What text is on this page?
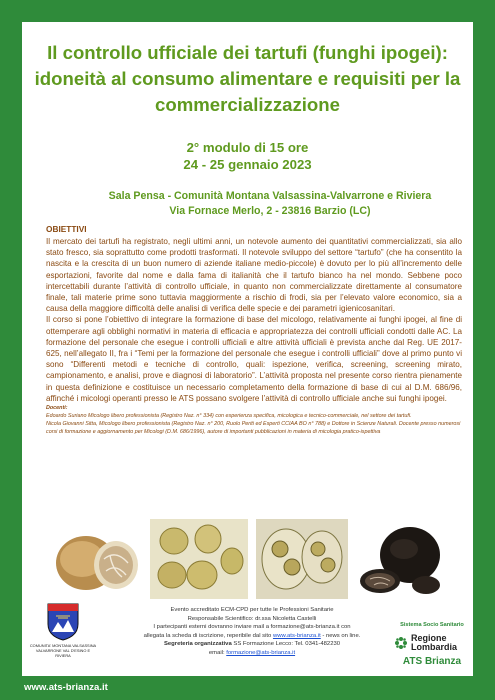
Il controllo ufficiale dei tartufi (funghi ipogei): idoneità al consumo alimentare e requisiti per la commercializzazione
2° modulo di 15 ore
24 - 25 gennaio 2023
Sala Pensa - Comunità Montana Valsassina-Valvarrone e Riviera
Via Fornace Merlo, 2 - 23816 Barzio (LC)
OBIETTIVI

Il mercato dei tartufi ha registrato, negli ultimi anni, un notevole aumento dei quantitativi commercializzati, sia allo stato fresco, sia soprattutto come prodotti trasformati. Il notevole sviluppo del settore “tartufo” (che ha consentito la nascita e la crescita di un buon numero di aziende italiane medio-piccole) è dovuto per lo più all’incremento delle esportazioni, favorite dal nome e dalla fama di italianità che il tartufo bianco ha nel mondo. Sebbene poco intercettabili durante l’attività di controllo ufficiale, in quanto non commercializzate direttamente al consumatore finale, tali materie prime sono tuttavia maggiormente a rischio di frodi, sia per l’elevato valore economico, sia a causa della maggiore difficoltà delle analisi di verifica delle specie e dei parametri igienicosanitari.

Il corso si pone l’obiettivo di integrare la formazione di base del micologo, relativamente ai funghi ipogei, al fine di ottemperare agli obblighi normativi in materia di efficacia e appropriatezza dei controlli ufficiali condotti dalle AC. La formazione del personale che esegue i controlli ufficiali e altre attività ufficiali è prevista anche dal Reg. UE 2017-625, nell’allegato II, fra i “Temi per la formazione del personale che esegue i controlli ufficiali” dove al primo punto vi sono “Differenti metodi e tecniche di controllo, quali: ispezione, verifica, screening, screening mirato, campionamento, e analisi, prove e diagnosi di laboratorio”. L’attività proposta nel presente corso rientra pienamente in questa definizione e costituisce un necessario completamento della formazione di base di cui al D.M. 686/96, affinché i micologi operanti presso le ATS possano svolgere l’attività di controllo ufficiale anche sui funghi ipogei.

Docenti:
Edoardo Suriano Micologo libero professionista (Registro Naz. n° 334) con esperienza specifica, micologica e tecnico-commerciale, nel settore dei tartufi.
Nicola Giovanni Sitta, Micologo libero professionista (Registro Naz. n° 200, Ruolo Periti ed Esperti CCIAA BO n° 788) e Dottore in Scienze Naturali. Docente presso numerosi corsi di formazione e aggiornamento per Micologi (D.M. 686/1996), autore di importanti pubblicazioni in materia di micologia pratico-ispettiva
COMUNITA' MONTANA VALSASSINA VALVARRONE VAL D'ESINO E RIVIERA
Evento accreditato ECM-CPD per tutte le Professioni Sanitarie
Responsabile Scientifico: dr.ssa Nicoletta Castelli
I partecipanti esterni dovranno inviare mail a formazione@ats-brianza.it con
allegata la scheda di iscrizione, reperibile dal sito www.ats-brianza.it - news on line.
Segreteria organizzativa SS Formazione Lecco: Tel. 0341-482230
email: formazione@ats-brianza.it
Sistema Socio Sanitario
Regione
Lombardia
ATS Brianza
www.ats-brianza.it
